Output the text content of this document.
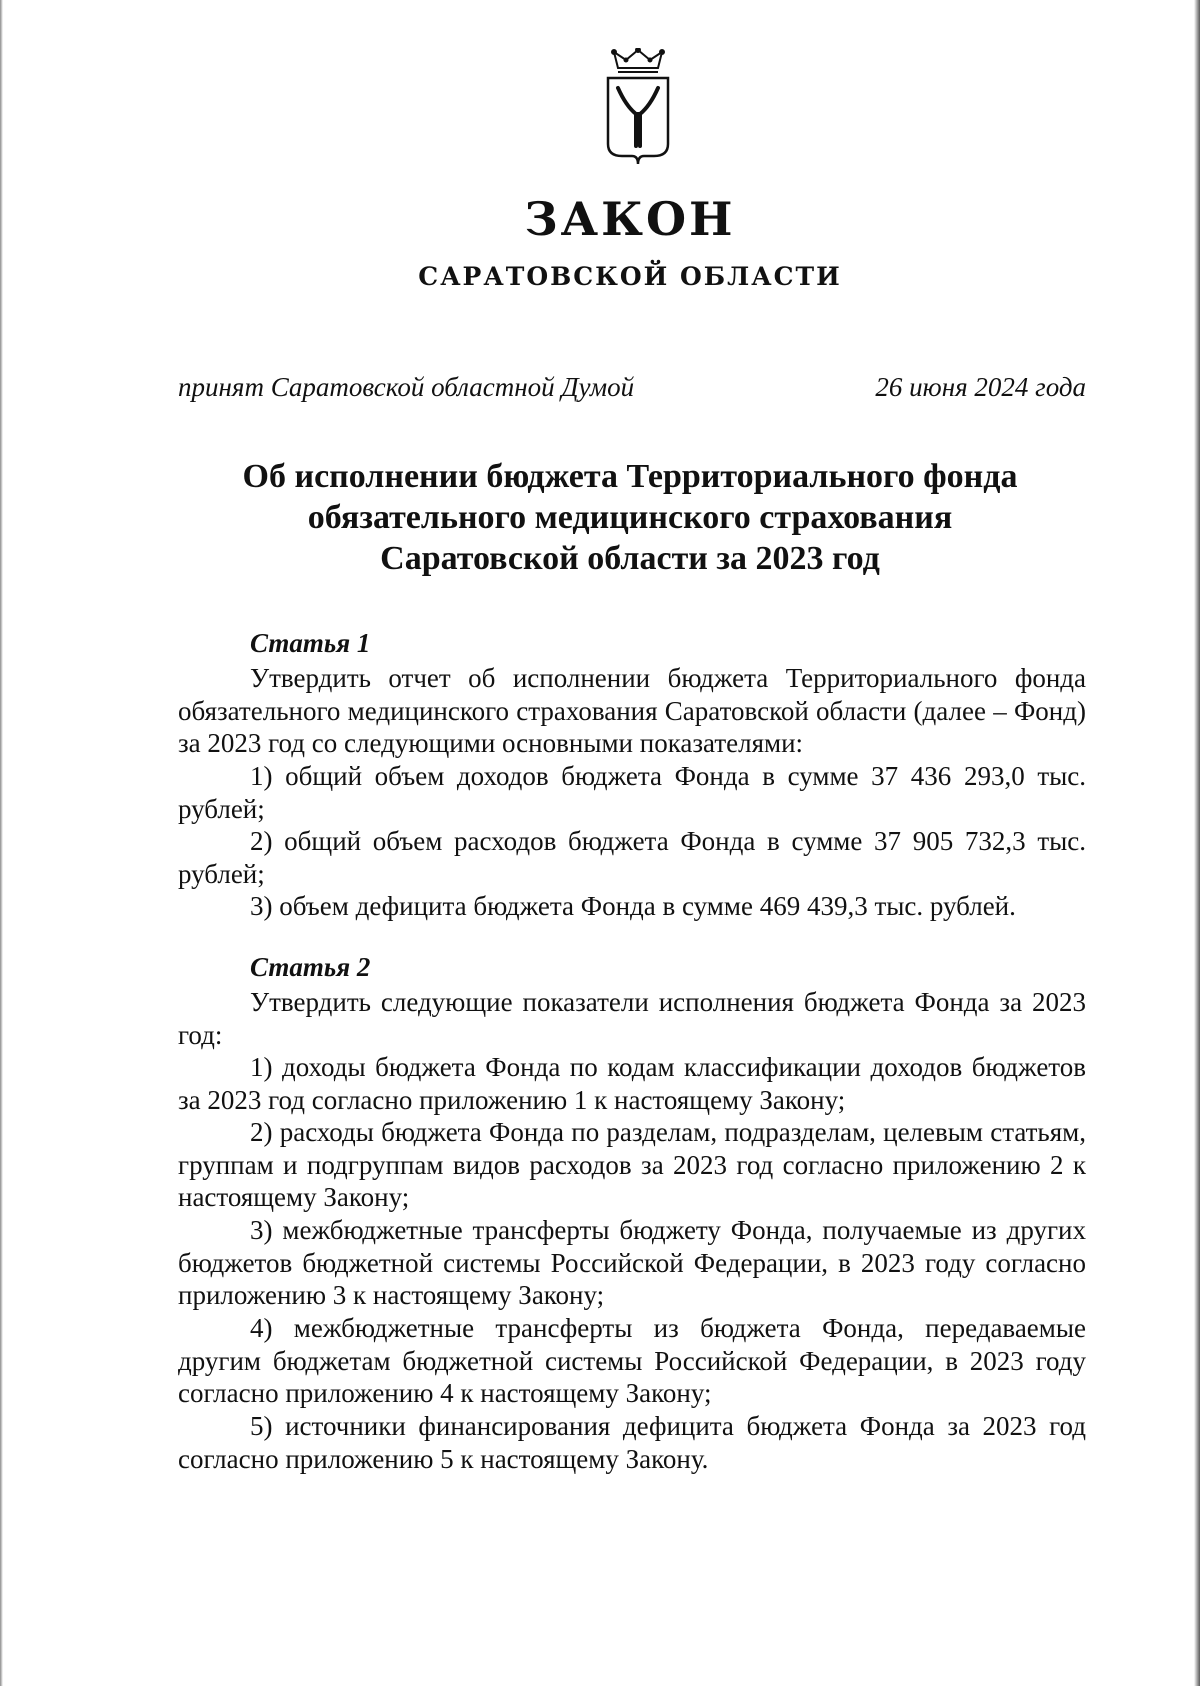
ЗАКОН
САРАТОВСКОЙ ОБЛАСТИ
принят Саратовской областной Думой	26 июня 2024 года
Об исполнении бюджета Территориального фонда
обязательного медицинского страхования
Саратовской области за 2023 год
Статья 1
Утвердить отчет об исполнении бюджета Территориального фонда обязательного медицинского страхования Саратовской области (далее – Фонд) за 2023 год со следующими основными показателями:
1) общий объем доходов бюджета Фонда в сумме 37 436 293,0 тыс. рублей;
2) общий объем расходов бюджета Фонда в сумме 37 905 732,3 тыс. рублей;
3) объем дефицита бюджета Фонда в сумме 469 439,3 тыс. рублей.
Статья 2
Утвердить следующие показатели исполнения бюджета Фонда за 2023 год:
1) доходы бюджета Фонда по кодам классификации доходов бюджетов за 2023 год согласно приложению 1 к настоящему Закону;
2) расходы бюджета Фонда по разделам, подразделам, целевым статьям, группам и подгруппам видов расходов за 2023 год согласно приложению 2 к настоящему Закону;
3) межбюджетные трансферты бюджету Фонда, получаемые из других бюджетов бюджетной системы Российской Федерации, в 2023 году согласно приложению 3 к настоящему Закону;
4) межбюджетные трансферты из бюджета Фонда, передаваемые другим бюджетам бюджетной системы Российской Федерации, в 2023 году согласно приложению 4 к настоящему Закону;
5) источники финансирования дефицита бюджета Фонда за 2023 год согласно приложению 5 к настоящему Закону.
